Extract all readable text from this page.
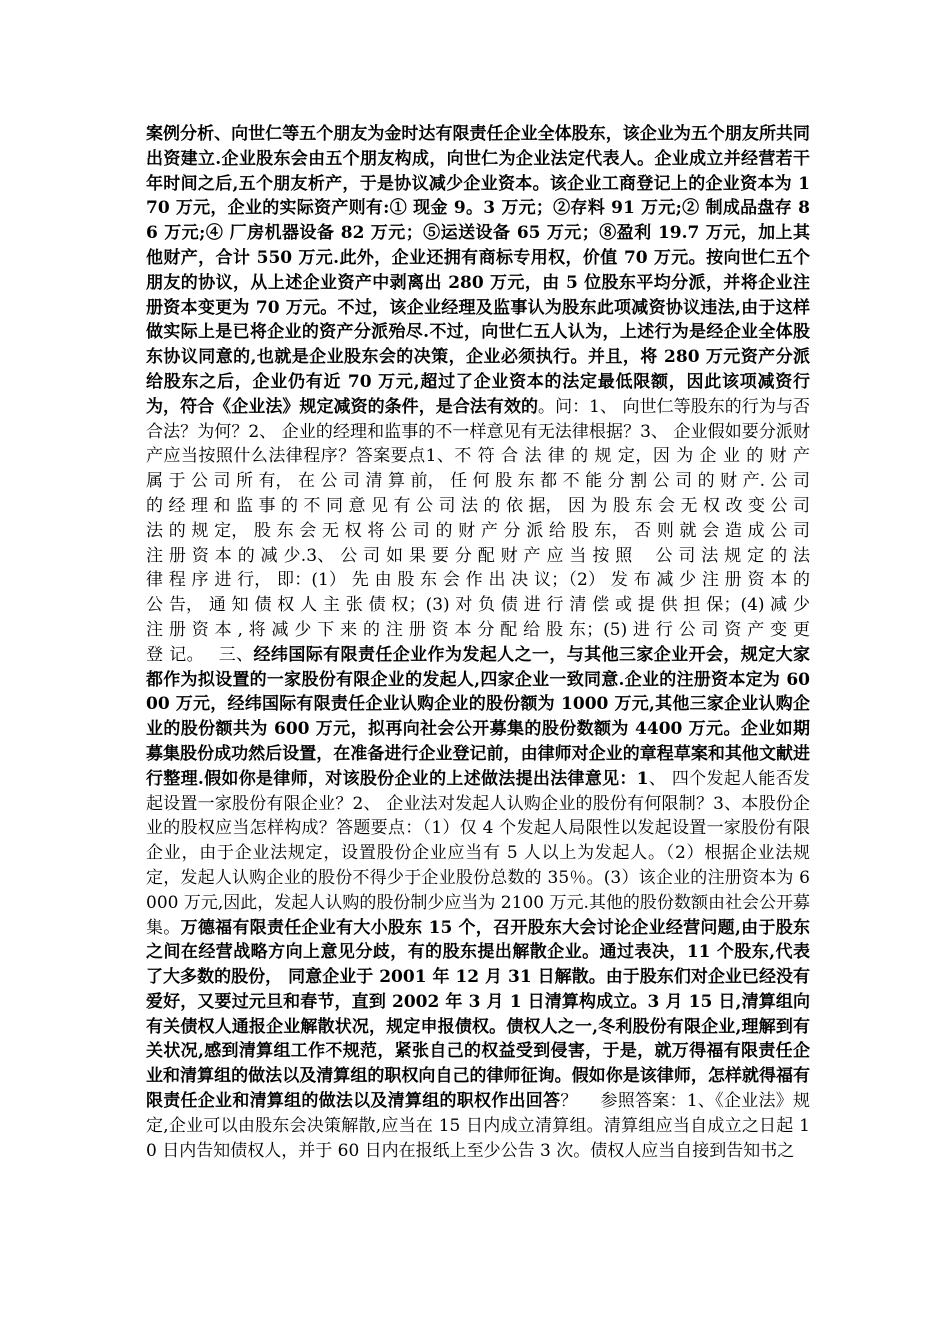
案例分析、向世仁等五个朋友为金时达有限责任企业全体股东，该企业为五个朋友所共同出资建立.企业股东会由五个朋友构成，向世仁为企业法定代表人。企业成立并经营若干年时间之后,五个朋友析产，于是协议减少企业资本。该企业工商登记上的企业资本为 170 万元，企业的实际资产则有:① 现金 9。3 万元；②存料 91 万元;② 制成品盘存 86 万元;④ 厂房机器设备 82 万元；⑤运送设备 65 万元；⑧盈利 19.7 万元，加上其他财产，合计 550 万元.此外，企业还拥有商标专用权，价值 70 万元。按向世仁五个朋友的协议，从上述企业资产中剥离出 280 万元，由 5 位股东平均分派，并将企业注册资本变更为 70 万元。不过，该企业经理及监事认为股东此项减资协议违法,由于这样做实际上是已将企业的资产分派殆尽.不过，向世仁五人认为，上述行为是经企业全体股东协议同意的,也就是企业股东会的决策，企业必须执行。并且，将 280 万元资产分派给股东之后，企业仍有近 70 万元,超过了企业资本的法定最低限额，因此该项减资行为，符合《企业法》规定减资的条件，是合法有效的。问：1、 向世仁等股东的行为与否合法？为何？2、 企业的经理和监事的不一样意见有无法律根据？3、 企业假如要分派财产应当按照什么法律程序？答案要点1、不 符 合 法 律 的 规 定，因 为 企 业 的 财 产 属 于 公 司 所 有， 在 公 司 清 算 前， 任 何 股 东 都 不 能 分 割 公 司 的 财 产. 公 司 的 经 理 和 监 事 的 不 同 意 见 有 公 司 法 的 依 据， 因 为 股 东 会 无 权 改 变 公 司 法 的 规 定， 股 东 会 无 权 将 公 司 的 财 产 分 派 给 股 东， 否 则 就 会 造 成 公 司 注 册 资 本 的 减 少.3、 公 司 如 果 要 分 配 财 产 应 当 按 照 　公 司 法 规 定 的 法 律 程 序 进 行， 即：(1） 先 由 股 东 会 作 出 决 议；（2） 发 布 减 少 注 册 资 本 的 公 告， 通 知 债 权 人 主 张 债 权；(3) 对 负 债 进 行 清 偿 或 提 供 担 保；(4) 减 少 注 册 资 本 , 将 减 少 下 来 的 注 册 资 本 分 配 给 股 东；(5) 进 行 公 司 资 产 变 更 登 记。　 三、经纬国际有限责任企业作为发起人之一，与其他三家企业开会，规定大家都作为拟设置的一家股份有限企业的发起人,四家企业一致同意.企业的注册资本定为 6000 万元，经纬国际有限责任企业认购企业的股份额为 1000 万元,其他三家企业认购企业的股份额共为 600 万元，拟再向社会公开募集的股份数额为 4400 万元。企业如期募集股份成功然后设置，在准备进行企业登记前，由律师对企业的章程草案和其他文献进行整理.假如你是律师，对该股份企业的上述做法提出法律意见：1、 四个发起人能否发起设置一家股份有限企业？2、 企业法对发起人认购企业的股份有何限制？3、本股份企业的股权应当怎样构成？答题要点：（1）仅 4 个发起人局限性以发起设置一家股份有限企业，由于企业法规定，设置股份企业应当有 5 人以上为发起人。（2）根据企业法规定，发起人认购企业的股份不得少于企业股份总数的 35％。(3）该企业的注册资本为 6000 万元,因此，发起人认购的股份制少应当为 2100 万元.其他的股份数额由社会公开募集。万德福有限责任企业有大小股东 15 个，召开股东大会讨论企业经营问题,由于股东之间在经营战略方向上意见分歧，有的股东提出解散企业。通过表决，11 个股东,代表了大多数的股份， 同意企业于 2001 年 12 月 31 日解散。由于股东们对企业已经没有爱好，又要过元旦和春节，直到 2002 年 3 月 1 日清算构成立。3 月 15 日,清算组向有关债权人通报企业解散状况，规定申报债权。债权人之一,冬利股份有限企业,理解到有关状况,感到清算组工作不规范，紧张自己的权益受到侵害，于是，就万得福有限责任企业和清算组的做法以及清算组的职权向自己的律师征询。假如你是该律师，怎样就得福有限责任企业和清算组的做法以及清算组的职权作出回答？　 参照答案：1、《企业法》规定,企业可以由股东会决策解散,应当在 15 日内成立清算组。清算组应当自成立之日起 10 日内告知债权人，并于 60 日内在报纸上至少公告 3 次。债权人应当自接到告知书之
